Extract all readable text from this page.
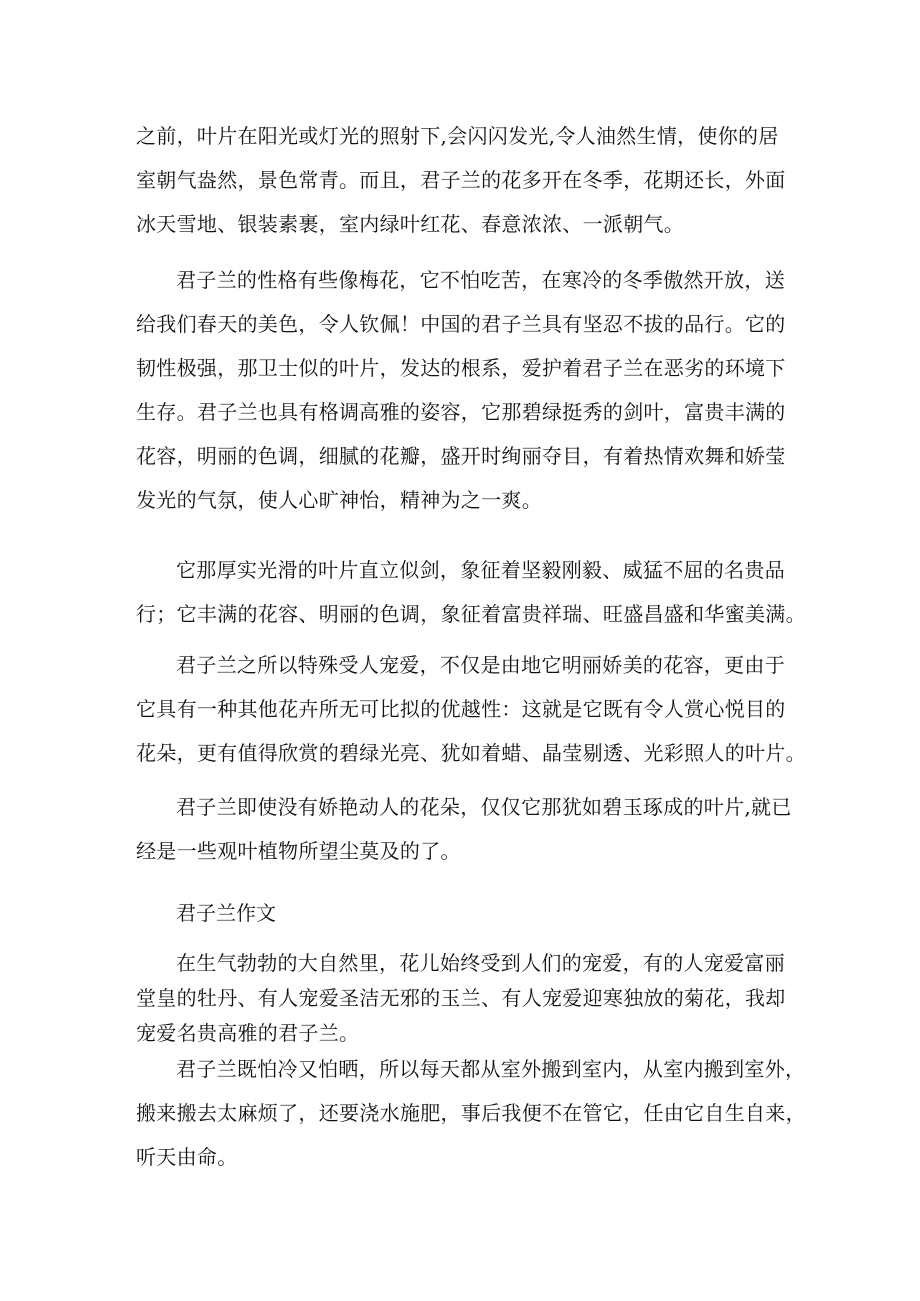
之前，叶片在阳光或灯光的照射下,会闪闪发光,令人油然生情，使你的居
室朝气盎然，景色常青。而且，君子兰的花多开在冬季，花期还长，外面
冰天雪地、银装素裹，室内绿叶红花、春意浓浓、一派朝气。
君子兰的性格有些像梅花，它不怕吃苦，在寒冷的冬季傲然开放，送
给我们春天的美色，令人钦佩！中国的君子兰具有坚忍不拔的品行。它的
韧性极强，那卫士似的叶片，发达的根系，爱护着君子兰在恶劣的环境下
生存。君子兰也具有格调高雅的姿容，它那碧绿挺秀的剑叶，富贵丰满的
花容，明丽的色调，细腻的花瓣，盛开时绚丽夺目，有着热情欢舞和娇莹
发光的气氛，使人心旷神怡，精神为之一爽。
它那厚实光滑的叶片直立似剑，象征着坚毅刚毅、威猛不屈的名贵品
行；它丰满的花容、明丽的色调，象征着富贵祥瑞、旺盛昌盛和华蜜美满。
君子兰之所以特殊受人宠爱，不仅是由地它明丽娇美的花容，更由于
它具有一种其他花卉所无可比拟的优越性：这就是它既有令人赏心悦目的
花朵，更有值得欣赏的碧绿光亮、犹如着蜡、晶莹剔透、光彩照人的叶片。
君子兰即使没有娇艳动人的花朵，仅仅它那犹如碧玉琢成的叶片,就已
经是一些观叶植物所望尘莫及的了。
君子兰作文
在生气勃勃的大自然里，花儿始终受到人们的宠爱，有的人宠爱富丽
堂皇的牡丹、有人宠爱圣洁无邪的玉兰、有人宠爱迎寒独放的菊花，我却
宠爱名贵高雅的君子兰。
君子兰既怕冷又怕晒，所以每天都从室外搬到室内，从室内搬到室外，
搬来搬去太麻烦了，还要浇水施肥，事后我便不在管它，任由它自生自来，
听天由命。
